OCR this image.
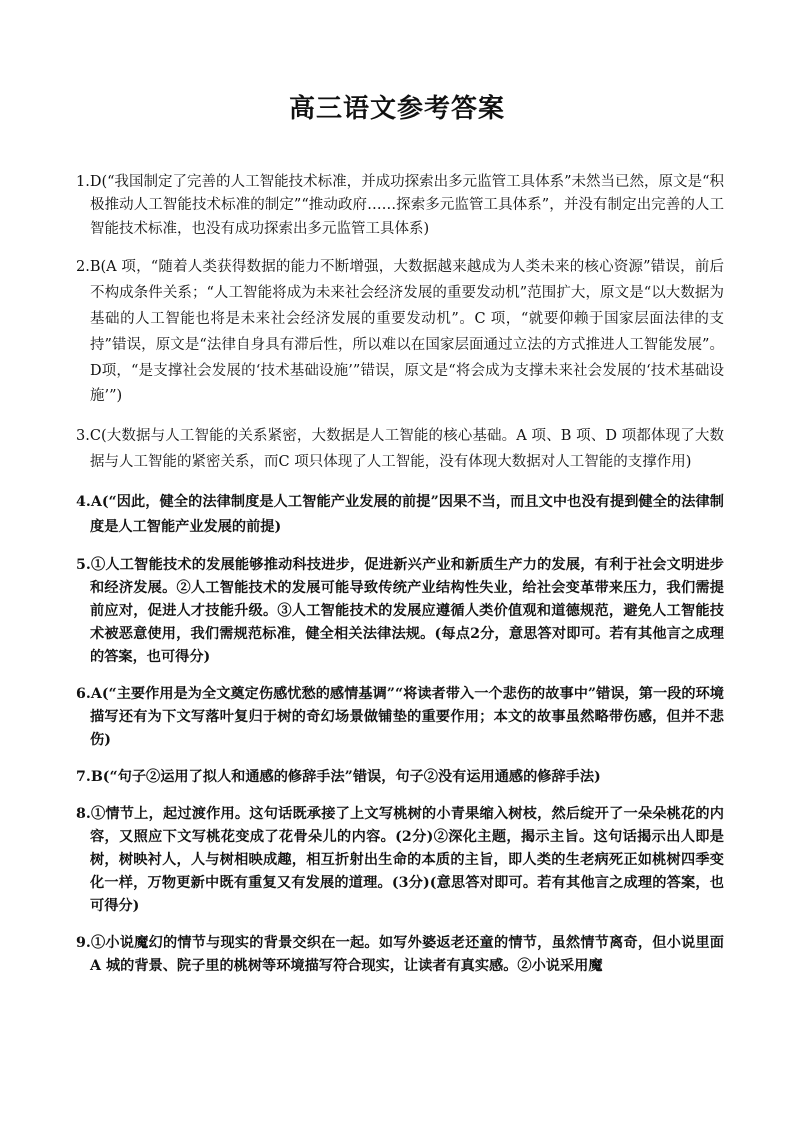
高三语文参考答案
1.D(“我国制定了完善的人工智能技术标准，并成功探索出多元监管工具体系”未然当已然，原文是“积极推动人工智能技术标准的制定”“推动政府……探索多元监管工具体系”，并没有制定出完善的人工智能技术标准，也没有成功探索出多元监管工具体系)
2.B(A 项，“随着人类获得数据的能力不断增强，大数据越来越成为人类未来的核心资源”错误，前后不构成条件关系；“人工智能将成为未来社会经济发展的重要发动机”范围扩大，原文是“以大数据为基础的人工智能也将是未来社会经济发展的重要发动机”。C 项，“就要仰赖于国家层面法律的支持”错误，原文是“法律自身具有滞后性，所以难以在国家层面通过立法的方式推进人工智能发展”。D项，“是支撑社会发展的‘技术基础设施’”错误，原文是“将会成为支撑未来社会发展的‘技术基础设施’”)
3.C(大数据与人工智能的关系紧密，大数据是人工智能的核心基础。A 项、B 项、D 项都体现了大数据与人工智能的紧密关系，而C 项只体现了人工智能，没有体现大数据对人工智能的支撑作用)
4.A(“因此，健全的法律制度是人工智能产业发展的前提”因果不当，而且文中也没有提到健全的法律制度是人工智能产业发展的前提)
5.①人工智能技术的发展能够推动科技进步，促进新兴产业和新质生产力的发展，有利于社会文明进步和经济发展。②人工智能技术的发展可能导致传统产业结构性失业，给社会变革带来压力，我们需提前应对，促进人才技能升级。③人工智能技术的发展应遵循人类价值观和道德规范，避免人工智能技术被恶意使用，我们需规范标准，健全相关法律法规。(每点2分，意思答对即可。若有其他言之成理的答案，也可得分)
6.A(“主要作用是为全文奠定伤感忧愁的感情基调”“将读者带入一个悲伤的故事中”错误，第一段的环境描写还有为下文写落叶复归于树的奇幻场景做铺垫的重要作用；本文的故事虽然略带伤感，但并不悲伤)
7.B(“句子②运用了拟人和通感的修辞手法”错误，句子②没有运用通感的修辞手法)
8.①情节上，起过渡作用。这句话既承接了上文写桃树的小青果缩入树枝，然后绽开了一朵朵桃花的内容，又照应下文写桃花变成了花骨朵儿的内容。(2分)②深化主题，揭示主旨。这句话揭示出人即是树，树映衬人，人与树相映成趣，相互折射出生命的本质的主旨，即人类的生老病死正如桃树四季变化一样，万物更新中既有重复又有发展的道理。(3分)(意思答对即可。若有其他言之成理的答案，也可得分)
9.①小说魔幻的情节与现实的背景交织在一起。如写外婆返老还童的情节，虽然情节离奇，但小说里面A 城的背景、院子里的桃树等环境描写符合现实，让读者有真实感。②小说采用魔
